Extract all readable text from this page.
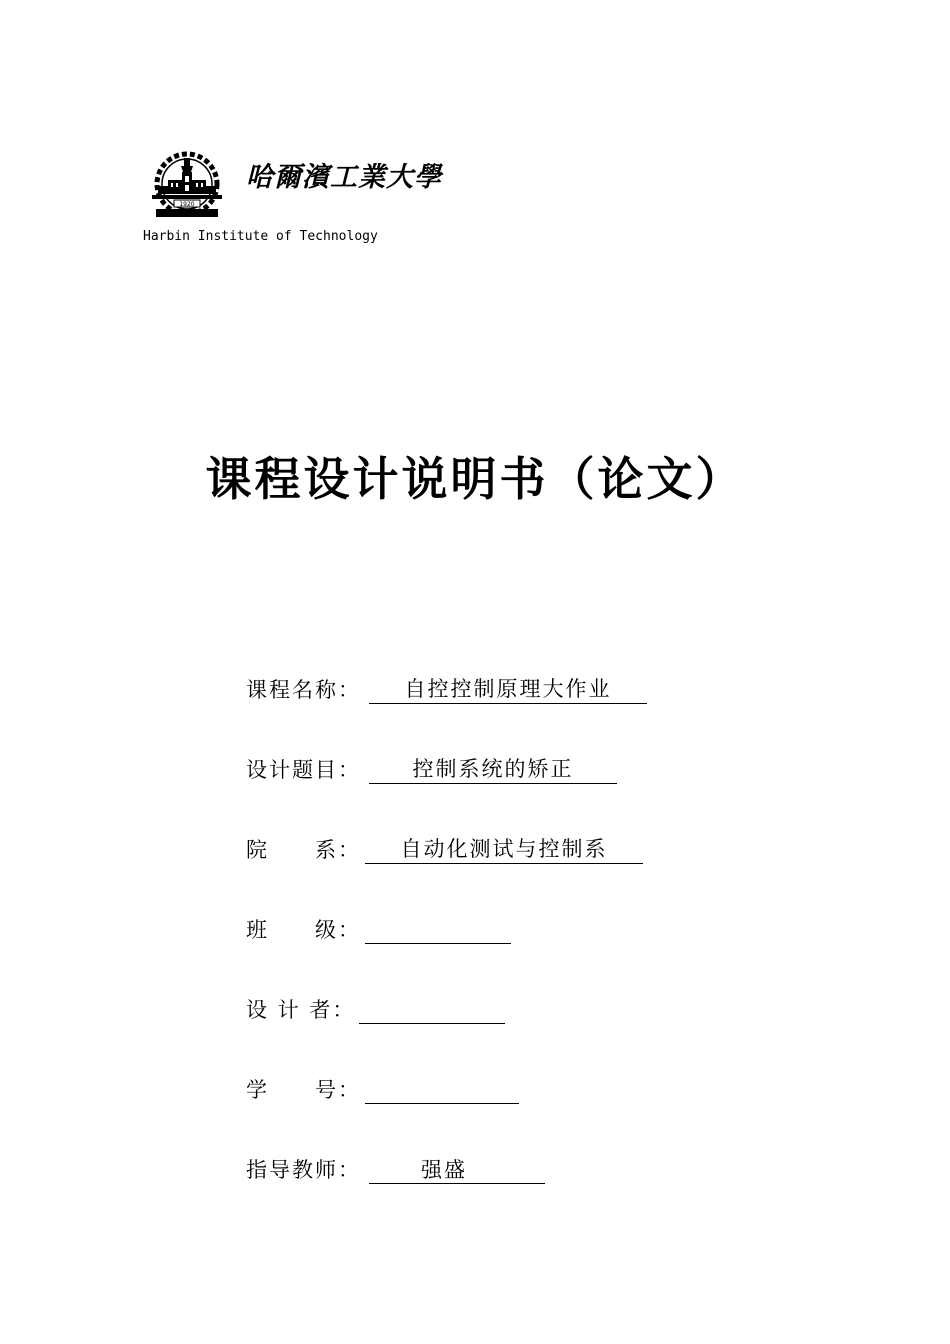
1920
哈爾濱工業大學
Harbin Institute of Technology
课程设计说明书（论文）
课程名称 ：	自控控制原理大作业
设计题目 ：	控制系统的矫正
院　　系 ：	自动化测试与控制系
班　　级 ：
设 计 者 ：
学　　号 ：
指导教师 ：	强盛
